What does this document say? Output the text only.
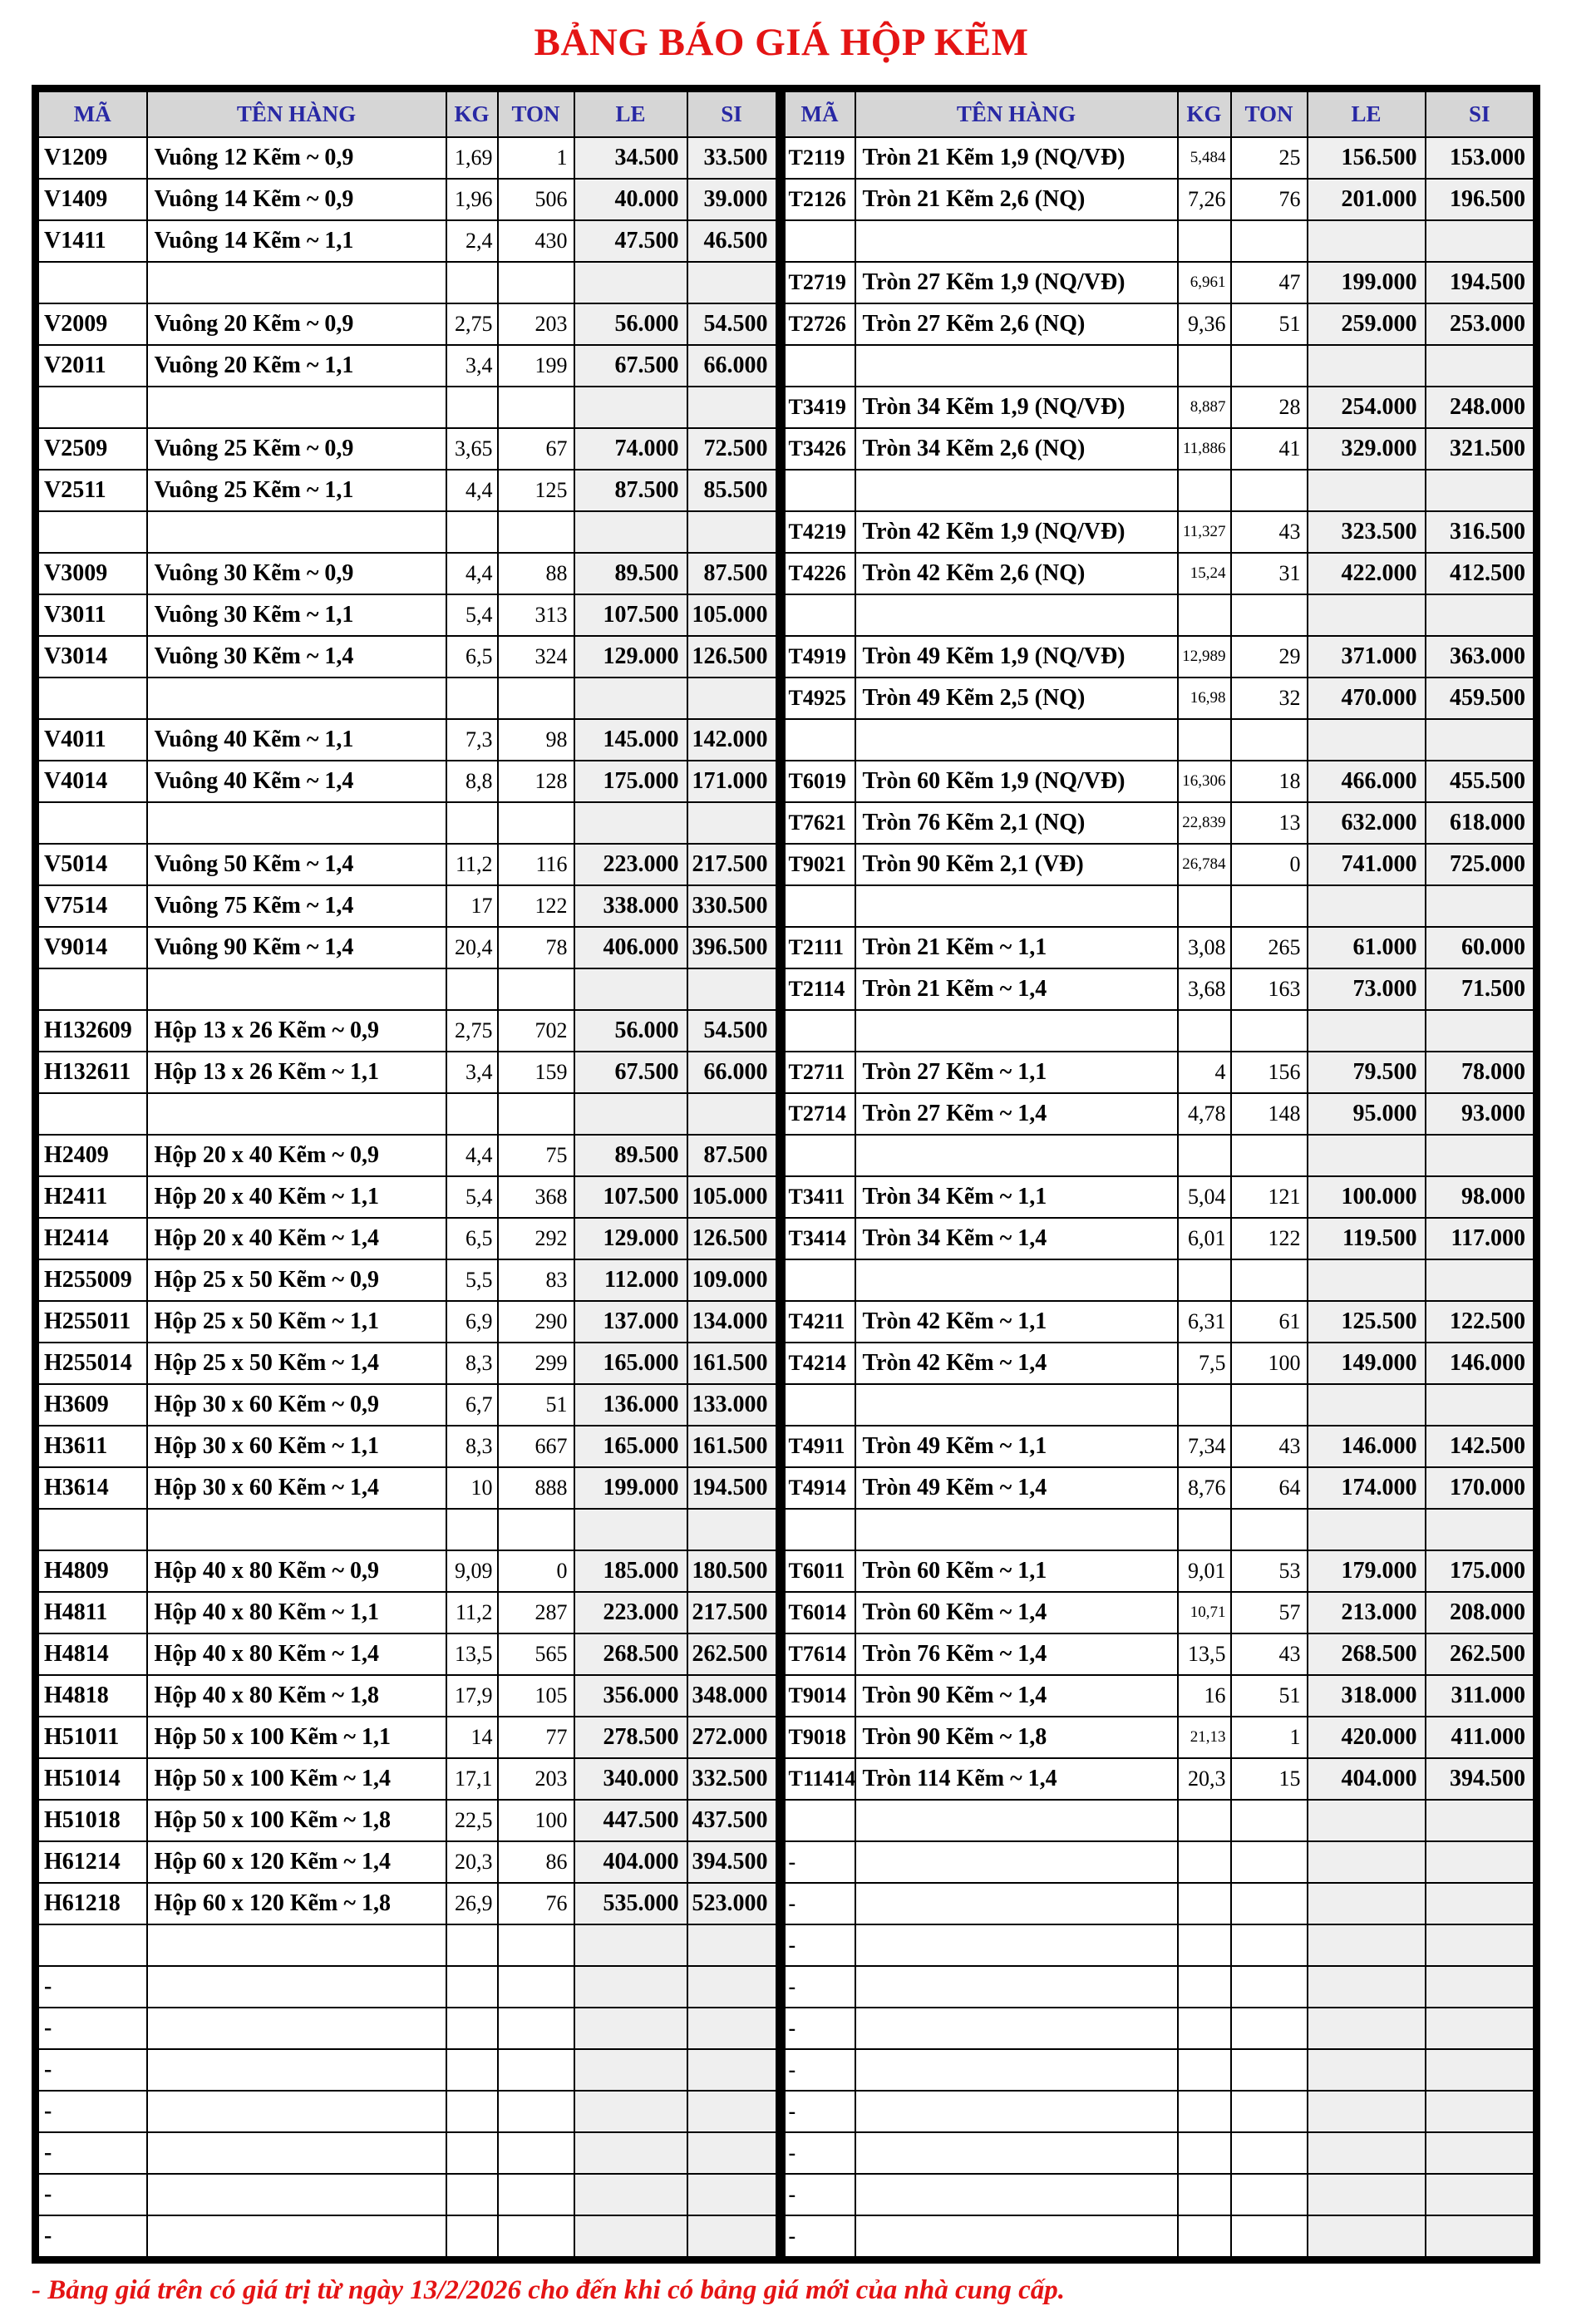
BẢNG BÁO GIÁ HỘP KẼM
MÃ	TÊN HÀNG	KG	TON	LE	SI	MÃ	TÊN HÀNG	KG	TON	LE	SI
V1209	Vuông 12 Kẽm ~ 0,9	1,69	1	34.500	33.500	T2119	Tròn 21 Kẽm 1,9 (NQ/VĐ)	5,484	25	156.500	153.000
V1409	Vuông 14 Kẽm ~ 0,9	1,96	506	40.000	39.000	T2126	Tròn 21 Kẽm 2,6 (NQ)	7,26	76	201.000	196.500
V1411	Vuông 14 Kẽm ~ 1,1	2,4	430	47.500	46.500						
						T2719	Tròn 27 Kẽm 1,9 (NQ/VĐ)	6,961	47	199.000	194.500
V2009	Vuông 20 Kẽm ~ 0,9	2,75	203	56.000	54.500	T2726	Tròn 27 Kẽm 2,6 (NQ)	9,36	51	259.000	253.000
V2011	Vuông 20 Kẽm ~ 1,1	3,4	199	67.500	66.000						
						T3419	Tròn 34 Kẽm 1,9 (NQ/VĐ)	8,887	28	254.000	248.000
V2509	Vuông 25 Kẽm ~ 0,9	3,65	67	74.000	72.500	T3426	Tròn 34 Kẽm 2,6 (NQ)	11,886	41	329.000	321.500
V2511	Vuông 25 Kẽm ~ 1,1	4,4	125	87.500	85.500						
						T4219	Tròn 42 Kẽm 1,9 (NQ/VĐ)	11,327	43	323.500	316.500
V3009	Vuông 30 Kẽm ~ 0,9	4,4	88	89.500	87.500	T4226	Tròn 42 Kẽm 2,6 (NQ)	15,24	31	422.000	412.500
V3011	Vuông 30 Kẽm ~ 1,1	5,4	313	107.500	105.000						
V3014	Vuông 30 Kẽm ~ 1,4	6,5	324	129.000	126.500	T4919	Tròn 49 Kẽm 1,9 (NQ/VĐ)	12,989	29	371.000	363.000
						T4925	Tròn 49 Kẽm 2,5 (NQ)	16,98	32	470.000	459.500
V4011	Vuông 40 Kẽm ~ 1,1	7,3	98	145.000	142.000						
V4014	Vuông 40 Kẽm ~ 1,4	8,8	128	175.000	171.000	T6019	Tròn 60 Kẽm 1,9 (NQ/VĐ)	16,306	18	466.000	455.500
						T7621	Tròn 76 Kẽm 2,1 (NQ)	22,839	13	632.000	618.000
V5014	Vuông 50 Kẽm ~ 1,4	11,2	116	223.000	217.500	T9021	Tròn 90 Kẽm 2,1 (VĐ)	26,784	0	741.000	725.000
V7514	Vuông 75 Kẽm ~ 1,4	17	122	338.000	330.500						
V9014	Vuông 90 Kẽm ~ 1,4	20,4	78	406.000	396.500	T2111	Tròn 21 Kẽm ~ 1,1	3,08	265	61.000	60.000
						T2114	Tròn 21 Kẽm ~ 1,4	3,68	163	73.000	71.500
H132609	Hộp 13 x 26 Kẽm ~ 0,9	2,75	702	56.000	54.500						
H132611	Hộp 13 x 26 Kẽm ~ 1,1	3,4	159	67.500	66.000	T2711	Tròn 27 Kẽm ~ 1,1	4	156	79.500	78.000
						T2714	Tròn 27 Kẽm ~ 1,4	4,78	148	95.000	93.000
H2409	Hộp 20 x 40 Kẽm ~ 0,9	4,4	75	89.500	87.500						
H2411	Hộp 20 x 40 Kẽm ~ 1,1	5,4	368	107.500	105.000	T3411	Tròn 34 Kẽm ~ 1,1	5,04	121	100.000	98.000
H2414	Hộp 20 x 40 Kẽm ~ 1,4	6,5	292	129.000	126.500	T3414	Tròn 34 Kẽm ~ 1,4	6,01	122	119.500	117.000
H255009	Hộp 25 x 50 Kẽm ~ 0,9	5,5	83	112.000	109.000						
H255011	Hộp 25 x 50 Kẽm ~ 1,1	6,9	290	137.000	134.000	T4211	Tròn 42 Kẽm ~ 1,1	6,31	61	125.500	122.500
H255014	Hộp 25 x 50 Kẽm ~ 1,4	8,3	299	165.000	161.500	T4214	Tròn 42 Kẽm ~ 1,4	7,5	100	149.000	146.000
H3609	Hộp 30 x 60 Kẽm ~ 0,9	6,7	51	136.000	133.000						
H3611	Hộp 30 x 60 Kẽm ~ 1,1	8,3	667	165.000	161.500	T4911	Tròn 49 Kẽm ~ 1,1	7,34	43	146.000	142.500
H3614	Hộp 30 x 60 Kẽm ~ 1,4	10	888	199.000	194.500	T4914	Tròn 49 Kẽm ~ 1,4	8,76	64	174.000	170.000

H4809	Hộp 40 x 80 Kẽm ~ 0,9	9,09	0	185.000	180.500	T6011	Tròn 60 Kẽm ~ 1,1	9,01	53	179.000	175.000
H4811	Hộp 40 x 80 Kẽm ~ 1,1	11,2	287	223.000	217.500	T6014	Tròn 60 Kẽm ~ 1,4	10,71	57	213.000	208.000
H4814	Hộp 40 x 80 Kẽm ~ 1,4	13,5	565	268.500	262.500	T7614	Tròn 76 Kẽm ~ 1,4	13,5	43	268.500	262.500
H4818	Hộp 40 x 80 Kẽm ~ 1,8	17,9	105	356.000	348.000	T9014	Tròn 90 Kẽm ~ 1,4	16	51	318.000	311.000
H51011	Hộp 50 x 100 Kẽm ~ 1,1	14	77	278.500	272.000	T9018	Tròn 90 Kẽm ~ 1,8	21,13	1	420.000	411.000
H51014	Hộp 50 x 100 Kẽm ~ 1,4	17,1	203	340.000	332.500	T11414	Tròn 114 Kẽm ~ 1,4	20,3	15	404.000	394.500
H51018	Hộp 50 x 100 Kẽm ~ 1,8	22,5	100	447.500	437.500						
H61214	Hộp 60 x 120 Kẽm ~ 1,4	20,3	86	404.000	394.500	-					
H61218	Hộp 60 x 120 Kẽm ~ 1,8	26,9	76	535.000	523.000	-					
						-					
-						-					
-						-					
-						-					
-						-					
-						-					
-						-					
-						-					
- Bảng giá trên có giá trị từ ngày 13/2/2026 cho đến khi có bảng giá mới của nhà cung cấp.
